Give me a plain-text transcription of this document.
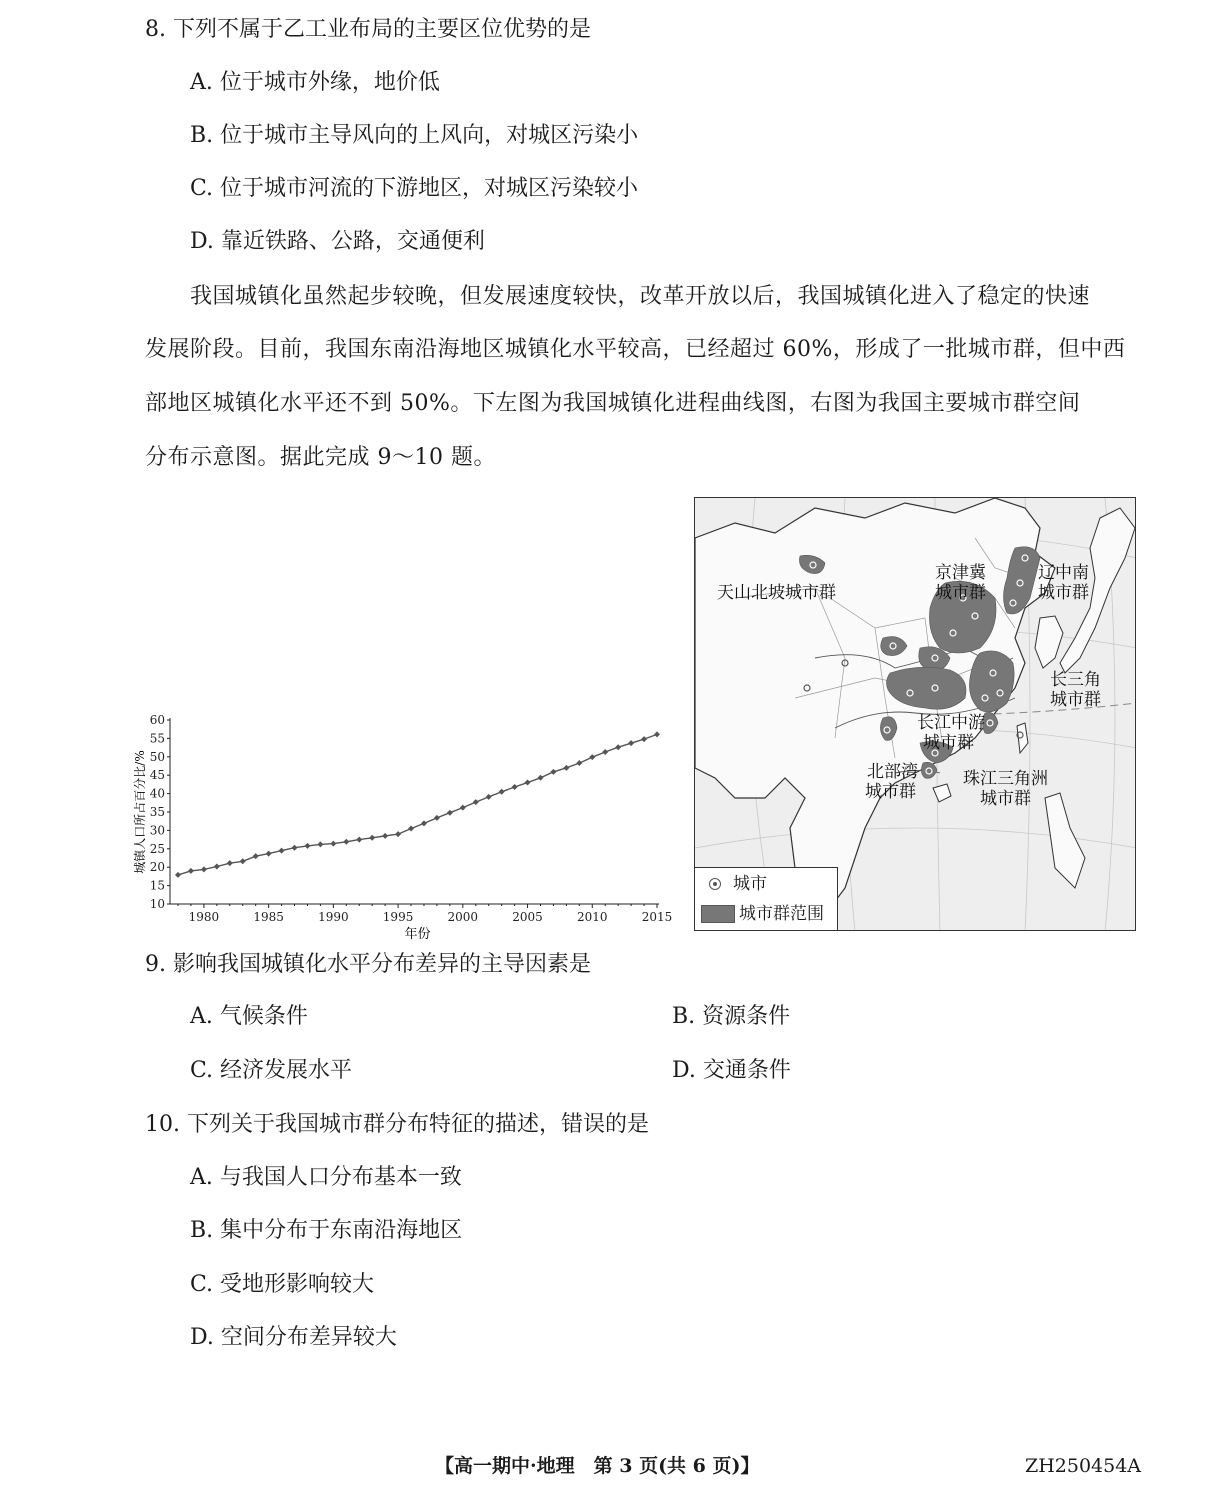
8. 下列不属于乙工业布局的主要区位优势的是
A. 位于城市外缘，地价低
B. 位于城市主导风向的上风向，对城区污染小
C. 位于城市河流的下游地区，对城区污染较小
D. 靠近铁路、公路，交通便利
我国城镇化虽然起步较晚，但发展速度较快，改革开放以后，我国城镇化进入了稳定的快速
发展阶段。目前，我国东南沿海地区城镇化水平较高，已经超过 60%，形成了一批城市群，但中西
部地区城镇化水平还不到 50%。下左图为我国城镇化进程曲线图，右图为我国主要城市群空间
分布示意图。据此完成 9～10 题。
10
15
20
25
30
35
40
45
50
55
60
1980	1985	1990	1995	2000	2005	2010	2015
年份
城镇人口所占百分比/%
天山北坡城市群
京津冀
城市群
辽中南
城市群
长三角
城市群
长江中游
城市群
北部湾
城市群
珠江三角洲
城市群
城市
城市群范围
9. 影响我国城镇化水平分布差异的主导因素是
A. 气候条件	B. 资源条件
C. 经济发展水平	D. 交通条件
10. 下列关于我国城市群分布特征的描述，错误的是
A. 与我国人口分布基本一致
B. 集中分布于东南沿海地区
C. 受地形影响较大
D. 空间分布差异较大
【高一期中·地理　第 3 页(共 6 页)】	ZH250454A
